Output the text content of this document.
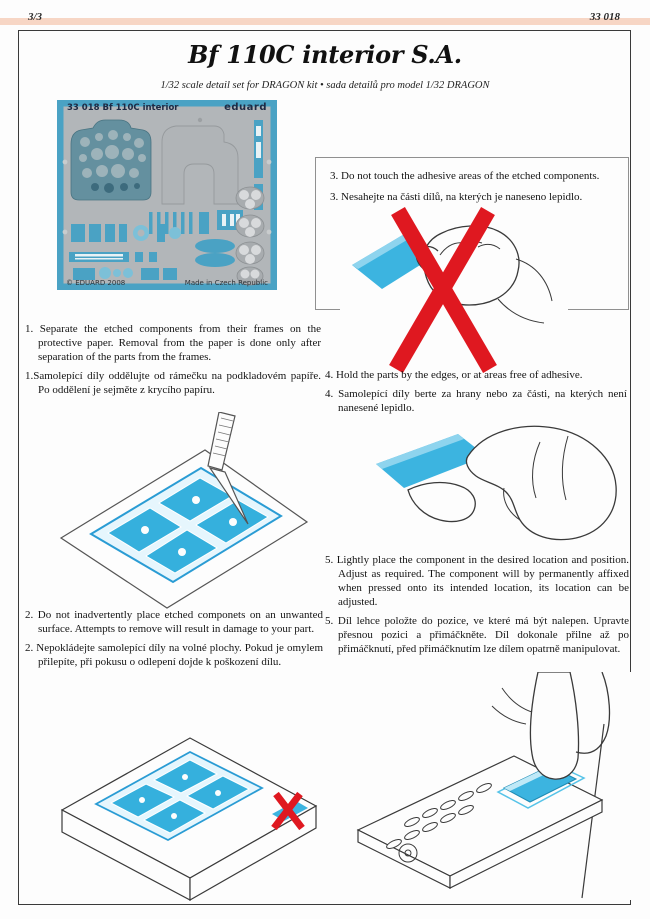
3/3	33 018
Bf 110C interior S.A.
1/32 scale detail set for DRAGON kit • sada detailů pro model 1/32 DRAGON
33 018 Bf 110C interior	eduard
© EDUARD 2008	Made in Czech Republic

3. Do not touch the adhesive areas of the etched components.

3. Nesahejte na části dílů, na kterých je naneseno lepidlo.

1. Separate the etched components from their frames on the protective paper. Removal from the paper is done only after separation of the parts from the frames.

1.Samolepící díly oddělujte od rámečku na podkladovém papíře. Po oddělení je sejměte z krycího papíru.

2. Do not inadvertently place etched componets on an unwanted surface. Attempts to remove will result in damage to your part.

2. Nepokládejte samolepící díly na volné plochy. Pokud je omylem přilepíte, při pokusu o odlepení dojde k poškození dílu.

4. Hold the parts by the edges, or at areas free of adhesive.

4. Samolepící díly berte za hrany nebo za části, na kterých není nanesené lepidlo.

5. Lightly place the component in the desired location and position. Adjust as required. The component will by permanently affixed when pressed onto its intended location, its location can be adjusted.

5. Díl lehce položte do pozice, ve které má být nalepen. Upravte přesnou pozici a přimáčkněte. Díl dokonale přilne až po přimáčknutí, před přimáčknutím lze dílem opatrně manipulovat.
